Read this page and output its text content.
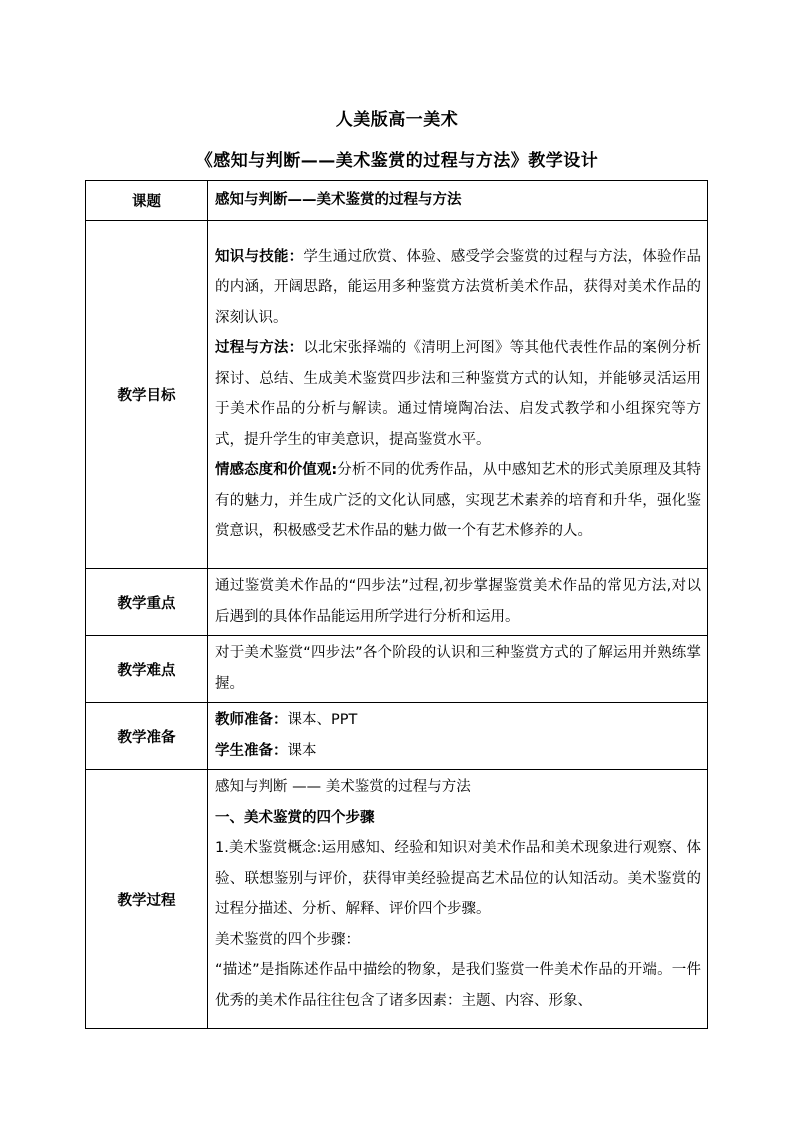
人美版高一美术
《感知与判断——美术鉴赏的过程与方法》教学设计
课题	感知与判断——美术鉴赏的过程与方法
教学目标	知识与技能：学生通过欣赏、体验、感受学会鉴赏的过程与方法，体验作品的内涵，开阔思路，能运用多种鉴赏方法赏析美术作品，获得对美术作品的深刻认识。

过程与方法：以北宋张择端的《清明上河图》等其他代表性作品的案例分析探讨、总结、生成美术鉴赏四步法和三种鉴赏方式的认知，并能够灵活运用于美术作品的分析与解读。通过情境陶冶法、启发式教学和小组探究等方式，提升学生的审美意识，提高鉴赏水平。

情感态度和价值观:分析不同的优秀作品，从中感知艺术的形式美原理及其特有的魅力，并生成广泛的文化认同感，实现艺术素养的培育和升华，强化鉴赏意识，积极感受艺术作品的魅力做一个有艺术修养的人。

教学重点	通过鉴赏美术作品的“四步法”过程,初步掌握鉴赏美术作品的常见方法,对以后遇到的具体作品能运用所学进行分析和运用。
教学难点	对于美术鉴赏“四步法”各个阶段的认识和三种鉴赏方式的了解运用并熟练掌握。
教学准备	教师准备：课本、PPT

学生准备：课本

教学过程	感知与判断 —— 美术鉴赏的过程与方法

一、美术鉴赏的四个步骤

1.美术鉴赏概念:运用感知、经验和知识对美术作品和美术现象进行观察、体验、联想鉴别与评价，获得审美经验提高艺术品位的认知活动。美术鉴赏的过程分描述、分析、解释、评价四个步骤。

美术鉴赏的四个步骤：

“描述”是指陈述作品中描绘的物象，是我们鉴赏一件美术作品的开端。一件优秀的美术作品往往包含了诸多因素：主题、内容、形象、
